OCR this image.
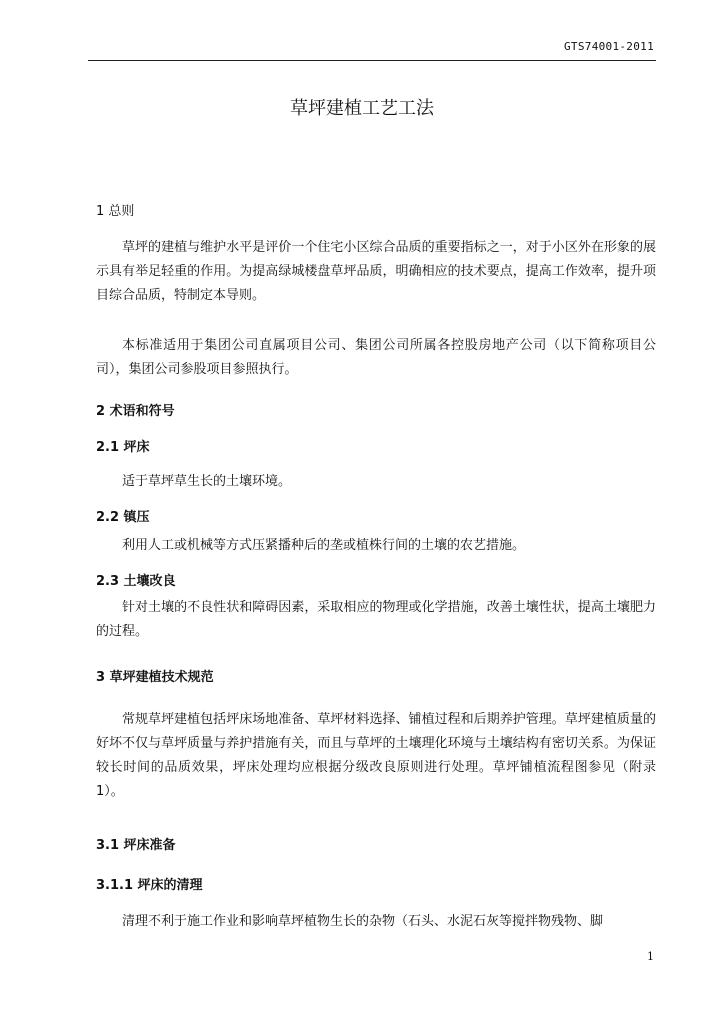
GTS74001-2011
草坪建植工艺工法
1 总则
草坪的建植与维护水平是评价一个住宅小区综合品质的重要指标之一，对于小区外在形象的展示具有举足轻重的作用。为提高绿城楼盘草坪品质，明确相应的技术要点，提高工作效率，提升项目综合品质，特制定本导则。
本标准适用于集团公司直属项目公司、集团公司所属各控股房地产公司（以下简称项目公司），集团公司参股项目参照执行。
2 术语和符号
2.1 坪床
适于草坪草生长的土壤环境。
2.2 镇压
利用人工或机械等方式压紧播种后的垄或植株行间的土壤的农艺措施。
2.3 土壤改良
针对土壤的不良性状和障碍因素，采取相应的物理或化学措施，改善土壤性状，提高土壤肥力的过程。
3 草坪建植技术规范
常规草坪建植包括坪床场地准备、草坪材料选择、铺植过程和后期养护管理。草坪建植质量的好坏不仅与草坪质量与养护措施有关，而且与草坪的土壤理化环境与土壤结构有密切关系。为保证较长时间的品质效果，坪床处理均应根据分级改良原则进行处理。草坪铺植流程图参见（附录1）。
3.1 坪床准备
3.1.1 坪床的清理
清理不利于施工作业和影响草坪植物生长的杂物（石头、水泥石灰等搅拌物残物、脚
1
